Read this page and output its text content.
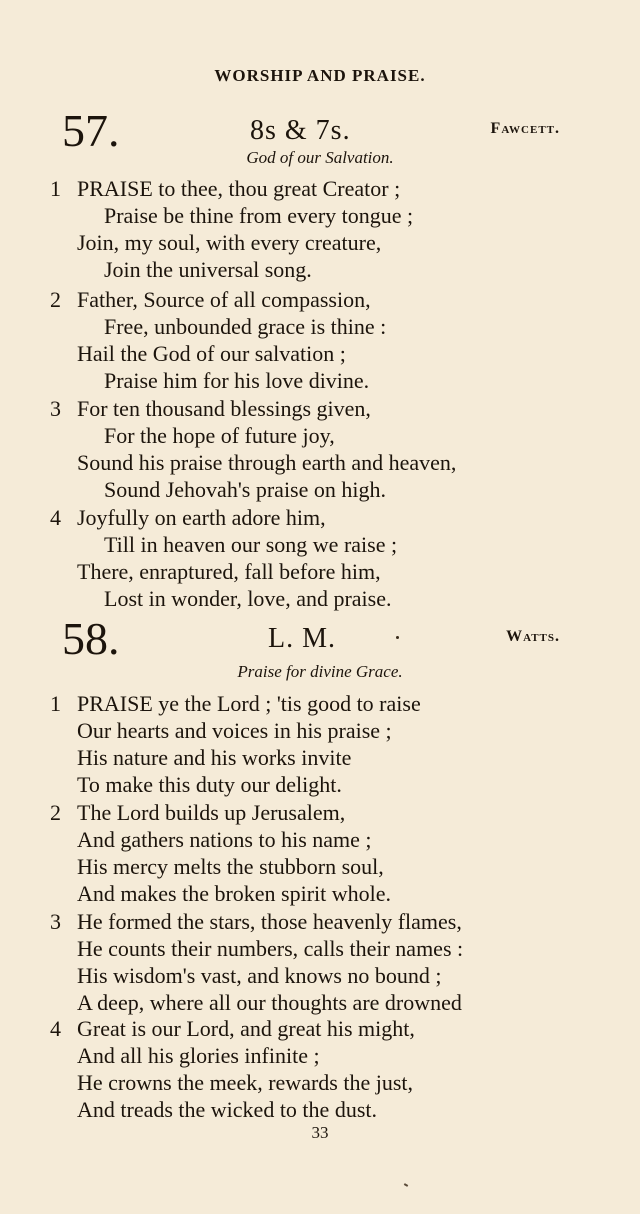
WORSHIP AND PRAISE.
57.	8s & 7s.	Fawcett.
God of our Salvation.
1 PRAISE to thee, thou great Creator ;
Praise be thine from every tongue ;
Join, my soul, with every creature,
Join the universal song.
2 Father, Source of all compassion,
Free, unbounded grace is thine :
Hail the God of our salvation ;
Praise him for his love divine.
3 For ten thousand blessings given,
For the hope of future joy,
Sound his praise through earth and heaven,
Sound Jehovah's praise on high.
4 Joyfully on earth adore him,
Till in heaven our song we raise ;
There, enraptured, fall before him,
Lost in wonder, love, and praise.
58.	L. M.	Watts.
Praise for divine Grace.
1 PRAISE ye the Lord ; 'tis good to raise
Our hearts and voices in his praise ;
His nature and his works invite
To make this duty our delight.
2 The Lord builds up Jerusalem,
And gathers nations to his name ;
His mercy melts the stubborn soul,
And makes the broken spirit whole.
3 He formed the stars, those heavenly flames,
He counts their numbers, calls their names :
His wisdom's vast, and knows no bound ;
A deep, where all our thoughts are drowned
4 Great is our Lord, and great his might,
And all his glories infinite ;
He crowns the meek, rewards the just,
And treads the wicked to the dust.
33
